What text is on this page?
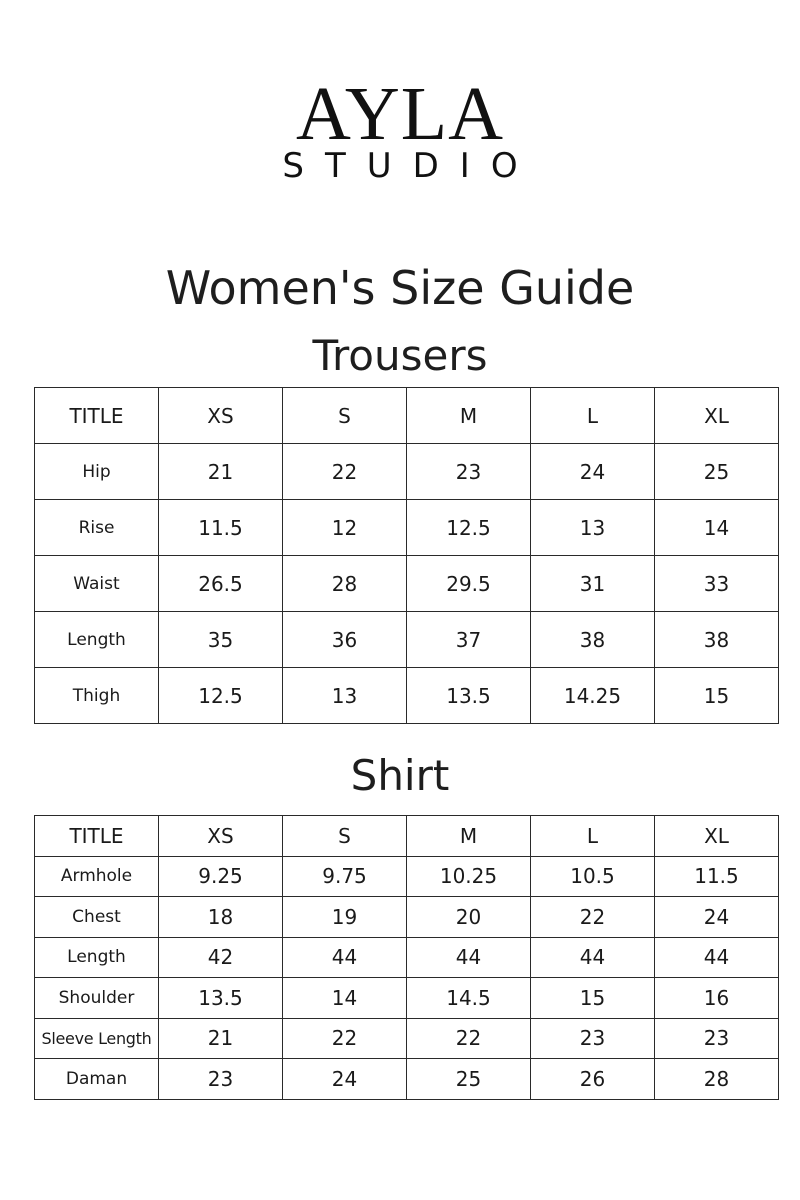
AYLA
STUDIO
Women's Size Guide
Trousers
TITLE	XS	S	M	L	XL
Hip	21	22	23	24	25
Rise	11.5	12	12.5	13	14
Waist	26.5	28	29.5	31	33
Length	35	36	37	38	38
Thigh	12.5	13	13.5	14.25	15
Shirt
TITLE	XS	S	M	L	XL
Armhole	9.25	9.75	10.25	10.5	11.5
Chest	18	19	20	22	24
Length	42	44	44	44	44
Shoulder	13.5	14	14.5	15	16
Sleeve Length	21	22	22	23	23
Daman	23	24	25	26	28
